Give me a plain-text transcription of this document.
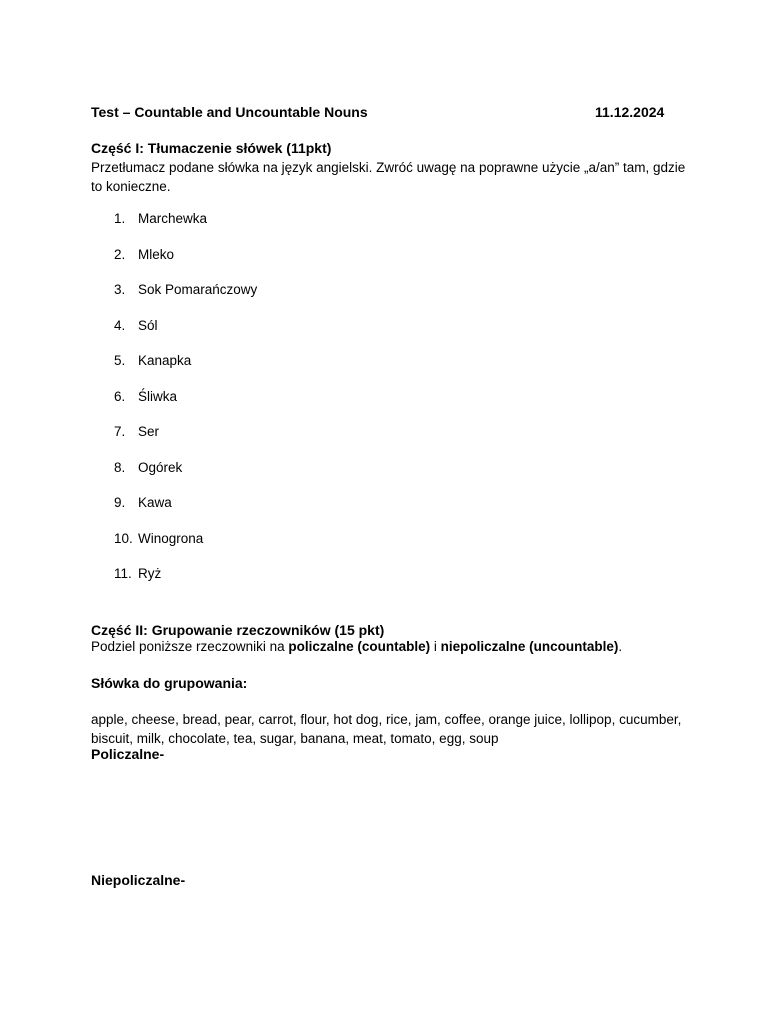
Test – Countable and Uncountable Nouns	11.12.2024
Część I: Tłumaczenie słówek (11pkt)
Przetłumacz podane słówka na język angielski. Zwróć uwagę na poprawne użycie „a/an” tam, gdzie to konieczne.
1. Marchewka
2. Mleko
3. Sok Pomarańczowy
4. Sól
5. Kanapka
6. Śliwka
7. Ser
8. Ogórek
9. Kawa
10. Winogrona
11. Ryż
Część II: Grupowanie rzeczowników (15 pkt)
Podziel poniższe rzeczowniki na policzalne (countable) i niepoliczalne (uncountable).
Słówka do grupowania:
apple, cheese, bread, pear, carrot, flour, hot dog, rice, jam, coffee, orange juice, lollipop, cucumber, biscuit, milk, chocolate, tea, sugar, banana, meat, tomato, egg, soup
Policzalne-
Niepoliczalne-
